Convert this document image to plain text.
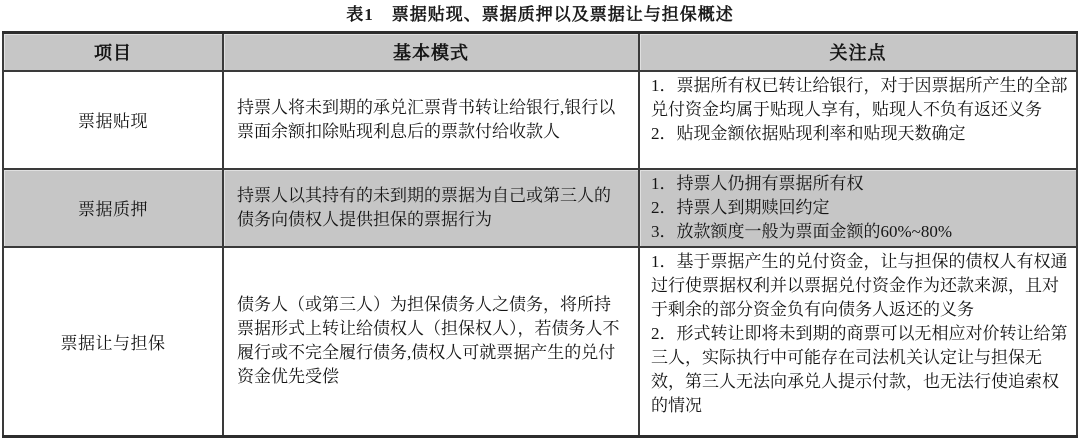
表1　票据贴现、票据质押以及票据让与担保概述
项目	基本模式	关注点
票据贴现	持票人将未到期的承兑汇票背书转让给银行,银行以票面余额扣除贴现利息后的票款付给收款人	1．票据所有权已转让给银行，对于因票据所产生的全部兑付资金均属于贴现人享有，贴现人不负有返还义务

2．贴现金额依据贴现利率和贴现天数确定

票据质押	持票人以其持有的未到期的票据为自己或第三人的债务向债权人提供担保的票据行为	1．持票人仍拥有票据所有权

2．持票人到期赎回约定

3．放款额度一般为票面金额的60%~80%

票据让与担保	债务人（或第三人）为担保债务人之债务，将所持票据形式上转让给债权人（担保权人），若债务人不履行或不完全履行债务,债权人可就票据产生的兑付资金优先受偿	1．基于票据产生的兑付资金，让与担保的债权人有权通过行使票据权利并以票据兑付资金作为还款来源，且对于剩余的部分资金负有向债务人返还的义务

2．形式转让即将未到期的商票可以无相应对价转让给第三人，实际执行中可能存在司法机关认定让与担保无效，第三人无法向承兑人提示付款，也无法行使追索权的情况
